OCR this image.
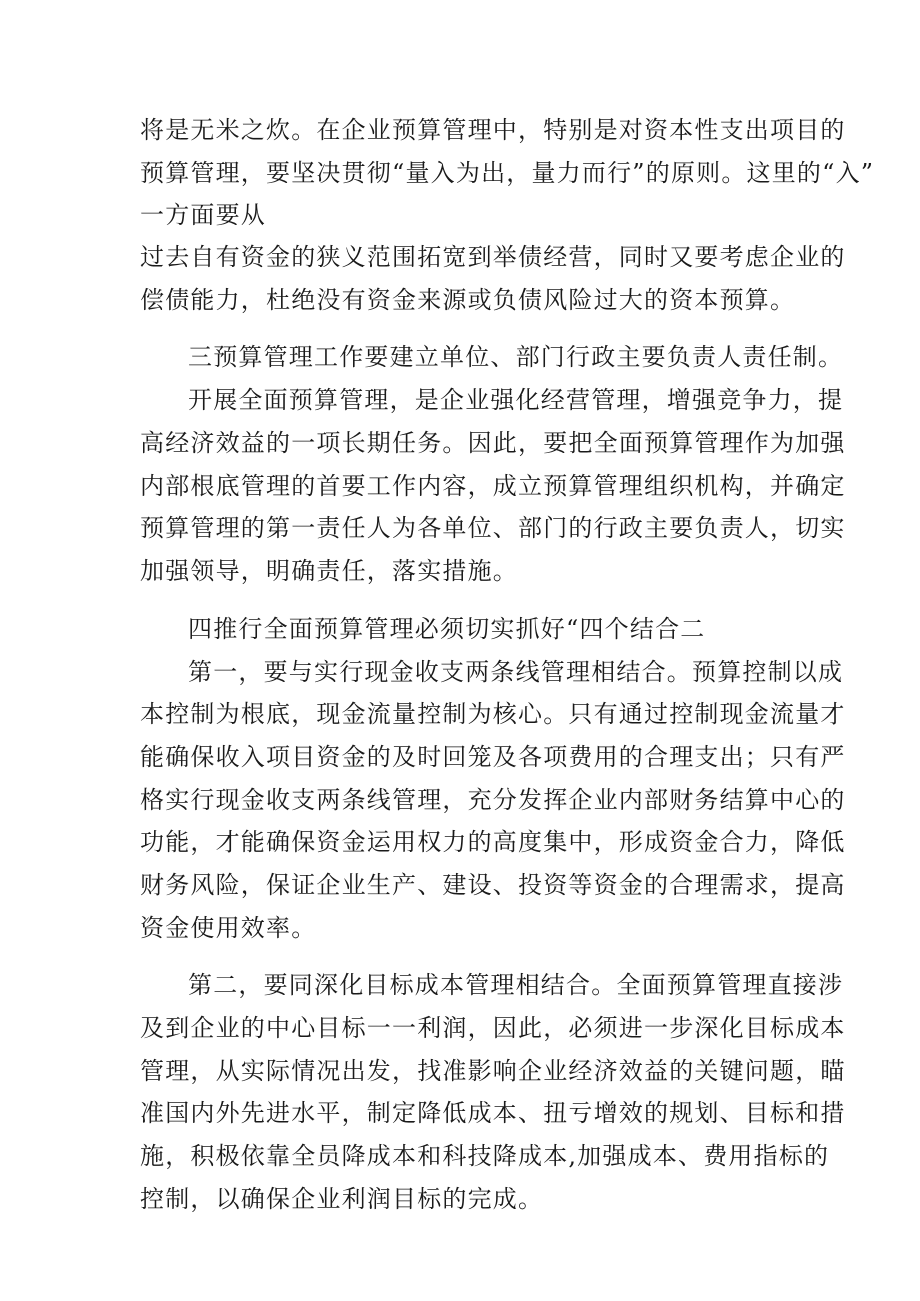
将是无米之炊。在企业预算管理中，特别是对资本性支出项目的

预算管理，要坚决贯彻“量入为出，量力而行”的原则。这里的“入”

一方面要从

过去自有资金的狭义范围拓宽到举债经营，同时又要考虑企业的

偿债能力，杜绝没有资金来源或负债风险过大的资本预算。

三预算管理工作要建立单位、部门行政主要负责人责任制。

开展全面预算管理，是企业强化经营管理，增强竞争力，提

高经济效益的一项长期任务。因此，要把全面预算管理作为加强

内部根底管理的首要工作内容，成立预算管理组织机构，并确定

预算管理的第一责任人为各单位、部门的行政主要负责人，切实

加强领导，明确责任，落实措施。

四推行全面预算管理必须切实抓好“四个结合二

第一，要与实行现金收支两条线管理相结合。预算控制以成

本控制为根底，现金流量控制为核心。只有通过控制现金流量才

能确保收入项目资金的及时回笼及各项费用的合理支出；只有严

格实行现金收支两条线管理，充分发挥企业内部财务结算中心的

功能，才能确保资金运用权力的高度集中，形成资金合力，降低

财务风险，保证企业生产、建设、投资等资金的合理需求，提高

资金使用效率。

第二，要同深化目标成本管理相结合。全面预算管理直接涉

及到企业的中心目标一一利润，因此，必须进一步深化目标成本

管理，从实际情况出发，找准影响企业经济效益的关键问题，瞄

准国内外先进水平，制定降低成本、扭亏增效的规划、目标和措

施，积极依靠全员降成本和科技降成本,加强成本、费用指标的

控制，以确保企业利润目标的完成。
